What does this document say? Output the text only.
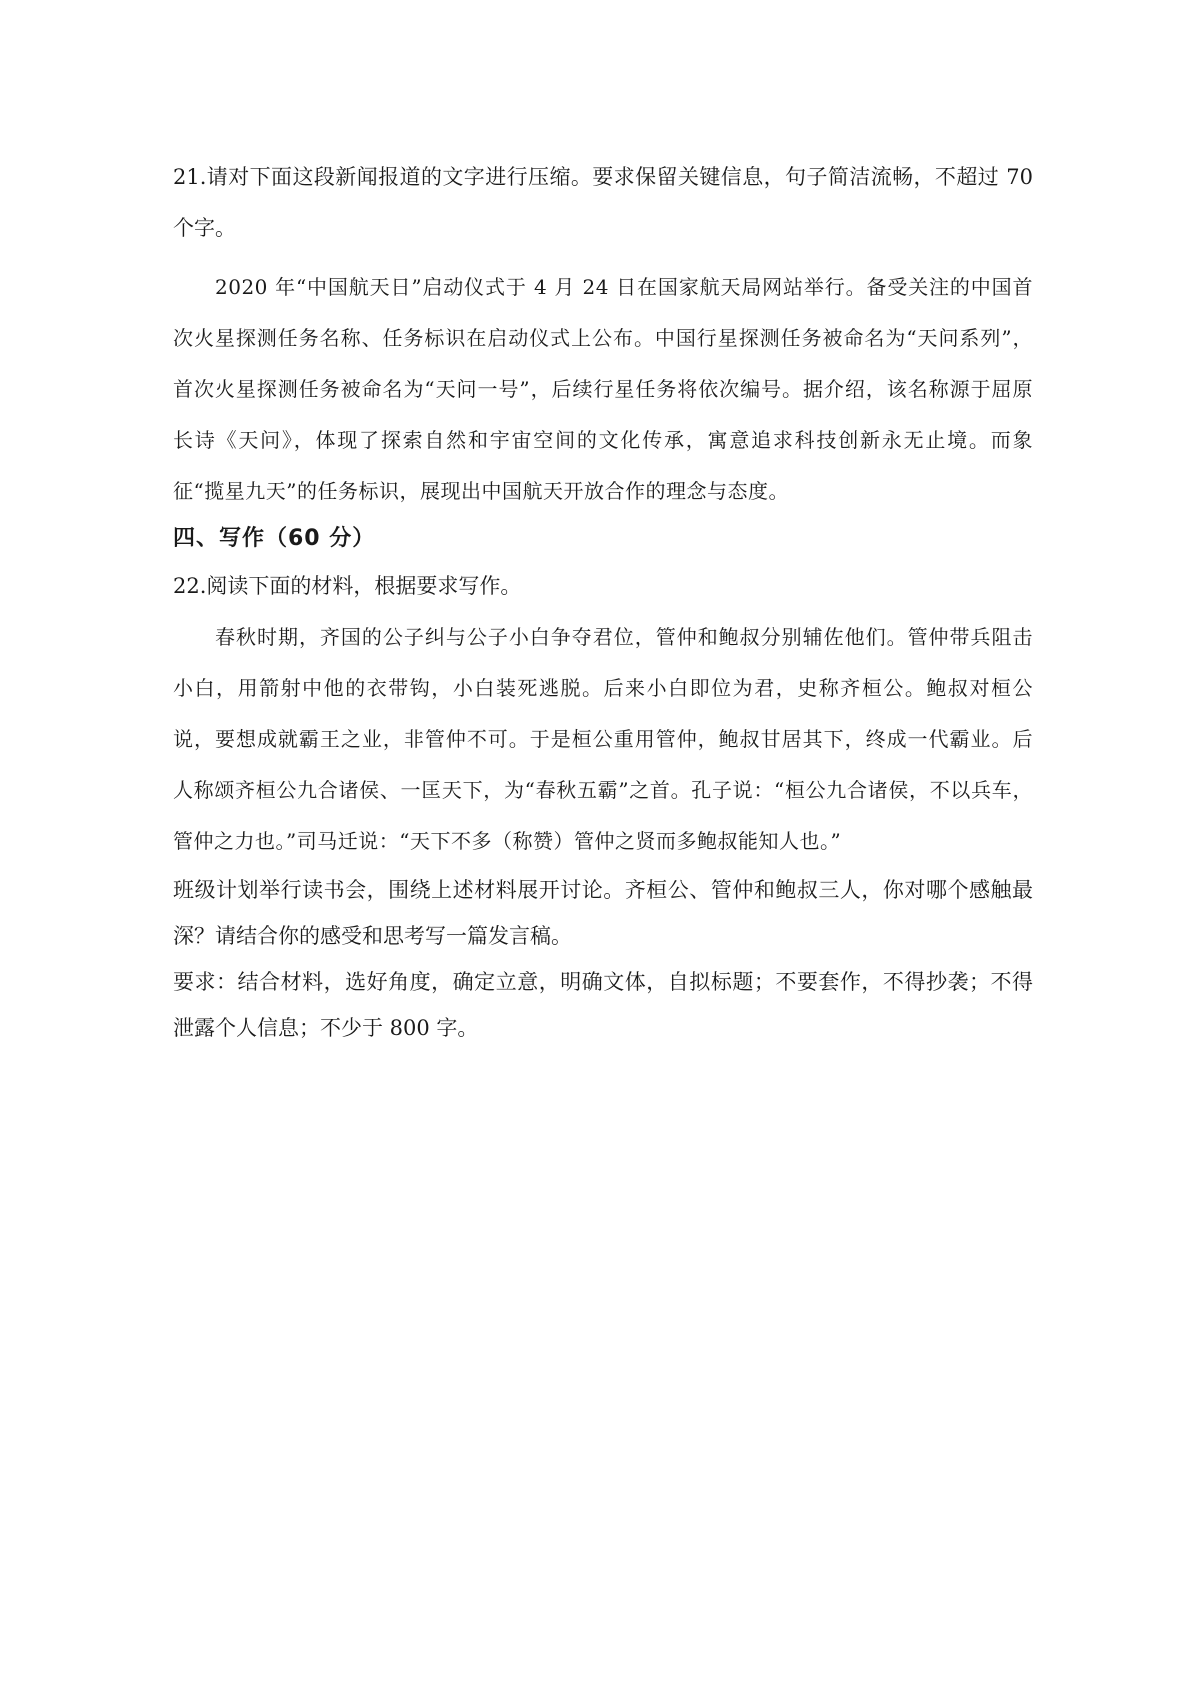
21.请对下面这段新闻报道的文字进行压缩。要求保留关键信息，句子简洁流畅，不超过 70 个字。

2020 年“中国航天日”启动仪式于 4 月 24 日在国家航天局网站举行。备受关注的中国首次火星探测任务名称、任务标识在启动仪式上公布。中国行星探测任务被命名为“天问系列”，首次火星探测任务被命名为“天问一号”，后续行星任务将依次编号。据介绍，该名称源于屈原长诗《天问》，体现了探索自然和宇宙空间的文化传承，寓意追求科技创新永无止境。而象征“揽星九天”的任务标识，展现出中国航天开放合作的理念与态度。

四、写作（60 分）

22.阅读下面的材料，根据要求写作。

春秋时期，齐国的公子纠与公子小白争夺君位，管仲和鲍叔分别辅佐他们。管仲带兵阻击小白，用箭射中他的衣带钩，小白装死逃脱。后来小白即位为君，史称齐桓公。鲍叔对桓公说，要想成就霸王之业，非管仲不可。于是桓公重用管仲，鲍叔甘居其下，终成一代霸业。后人称颂齐桓公九合诸侯、一匡天下，为“春秋五霸”之首。孔子说：“桓公九合诸侯，不以兵车，管仲之力也。”司马迁说：“天下不多（称赞）管仲之贤而多鲍叔能知人也。”

班级计划举行读书会，围绕上述材料展开讨论。齐桓公、管仲和鲍叔三人，你对哪个感触最深？请结合你的感受和思考写一篇发言稿。

要求：结合材料，选好角度，确定立意，明确文体，自拟标题；不要套作，不得抄袭；不得泄露个人信息；不少于 800 字。
